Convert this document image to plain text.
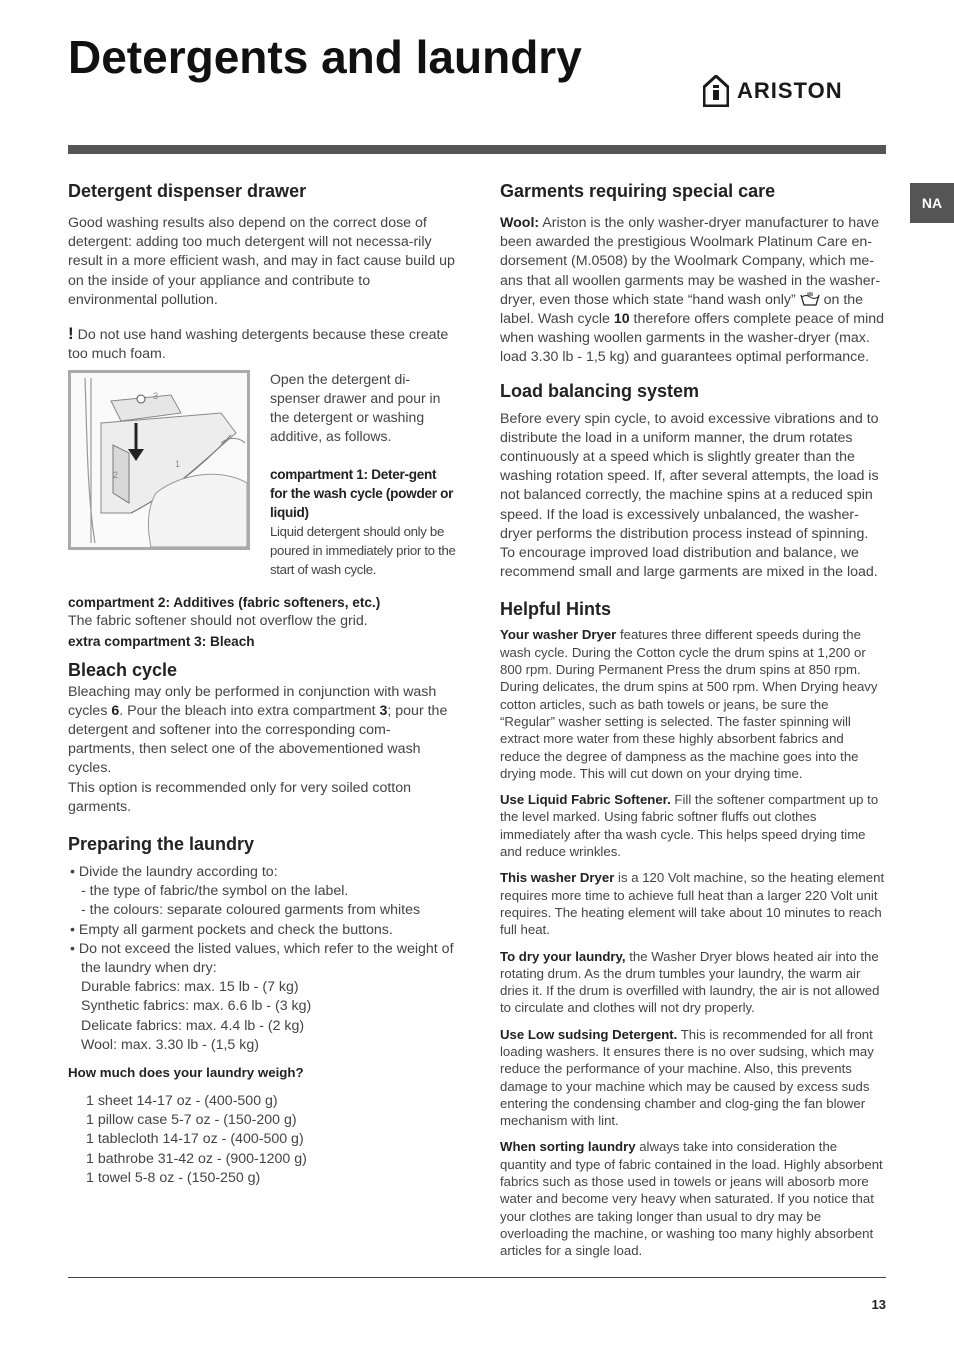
Detergents and laundry
ARISTON
NA
Detergent dispenser drawer

Good washing results also depend on the correct dose of detergent: adding too much detergent will not necessa-rily result in a more efficient wash, and may in fact cause build up on the inside of your appliance and contribute to environmental pollution.

! Do not use hand washing detergents because these create too much foam.

3
2
1

Open the detergent di-spenser drawer and pour in the detergent or washing additive, as follows.

compartment 1: Deter-gent for the wash cycle (powder or liquid)

Liquid detergent should only be poured in immediately prior to the start of wash cycle.

compartment 2: Additives (fabric softeners, etc.)

The fabric softener should not overflow the grid.

extra compartment 3: Bleach
Bleach cycle

Bleaching may only be performed in conjunction with wash cycles 6. Pour the bleach into extra compartment 3; pour the detergent and softener into the corresponding com-partments, then select one of the abovementioned wash cycles.

This option is recommended only for very soiled cotton garments.

Preparing the laundry
• Divide the laundry according to:
- the type of fabric/the symbol on the label.
- the colours: separate coloured garments from whites
• Empty all garment pockets and check the buttons.
• Do not exceed the listed values, which refer to the weight of the laundry when dry:
Durable fabrics: max. 15 lb - (7 kg)
Synthetic fabrics: max. 6.6 lb - (3 kg)
Delicate fabrics: max. 4.4 lb - (2 kg)
Wool: max. 3.30 lb - (1,5 kg)
How much does your laundry weigh?
1 sheet 14-17 oz - (400-500 g)
1 pillow case 5-7 oz - (150-200 g)
1 tablecloth 14-17 oz - (400-500 g)
1 bathrobe 31-42 oz - (900-1200 g)
1 towel 5-8 oz - (150-250 g)
Garments requiring special care

Wool: Ariston is the only washer-dryer manufacturer to have been awarded the prestigious Woolmark Platinum Care en-dorsement (M.0508) by the Woolmark Company, which me-ans that all woollen garments may be washed in the washer-dryer, even those which state “hand wash only”  on the label. Wash cycle 10 therefore offers complete peace of mind when washing woollen garments in the washer-dryer (max. load 3.30 lb - 1,5 kg) and guarantees optimal performance.

Load balancing system

Before every spin cycle, to avoid excessive vibrations and to distribute the load in a uniform manner, the drum rotates continuously at a speed which is slightly greater than the washing rotation speed. If, after several attempts, the load is not balanced correctly, the machine spins at a reduced spin speed. If the load is excessively unbalanced, the washer-dryer performs the distribution process instead of spinning. To encourage improved load distribution and balance, we recommend small and large garments are mixed in the load.

Helpful Hints

Your washer Dryer features three different speeds during the wash cycle. During the Cotton cycle the drum spins at 1,200 or 800 rpm. During Permanent Press the drum spins at 850 rpm. During delicates, the drum spins at 500 rpm. When Drying heavy cotton articles, such as bath towels or jeans, be sure the “Regular” washer setting is selected. The faster spinning will extract more water from these highly absorbent fabrics and reduce the degree of dampness as the machine goes into the drying mode. This will cut down on your drying time.

Use Liquid Fabric Softener. Fill the softener compartment up to the level marked. Using fabric softner fluffs out clothes immediately after tha wash cycle. This helps speed drying time and reduce wrinkles.

This washer Dryer is a 120 Volt machine, so the heating element requires more time to achieve full heat than a larger 220 Volt unit requires. The heating element will take about 10 minutes to reach full heat.

To dry your laundry, the Washer Dryer blows heated air into the rotating drum. As the drum tumbles your laundry, the warm air dries it. If the drum is overfilled with laundry, the air is not allowed to circulate and clothes will not dry properly.

Use Low sudsing Detergent. This is recommended for all front loading washers. It ensures there is no over sudsing, which may reduce the performance of your machine. Also, this prevents damage to your machine which may be caused by excess suds entering the condensing chamber and clog-ging the fan blower mechanism with lint.

When sorting laundry always take into consideration the quantity and type of fabric contained in the load. Highly absorbent fabrics such as those used in towels or jeans will abosorb more water and become very heavy when saturated. If you notice that your clothes are taking longer than usual to dry may be overloading the machine, or washing too many highly absorbent articles for a single load.

13
